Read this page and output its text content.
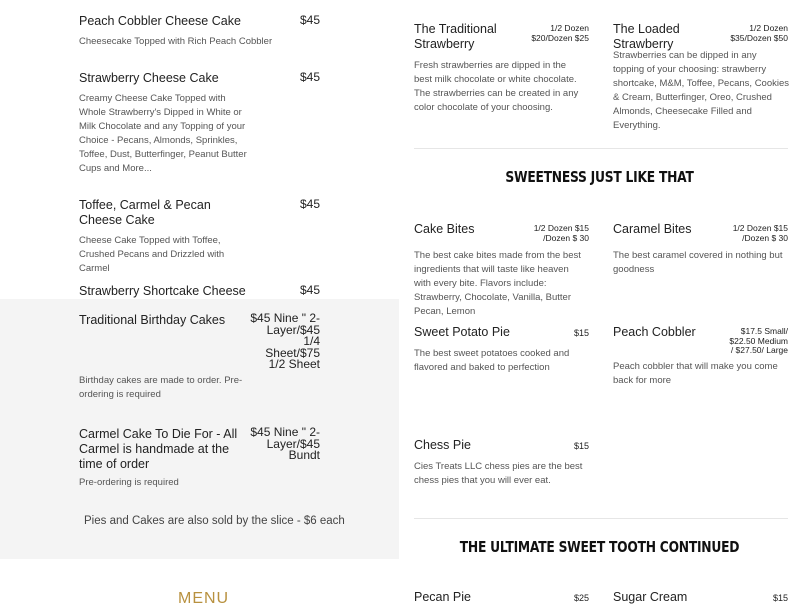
Peach Cobbler Cheese Cake
Cheesecake Topped with Rich Peach Cobbler
$45
Strawberry Cheese Cake
Creamy Cheese Cake Topped with Whole Strawberry's Dipped in White or Milk Chocolate and any Topping of your Choice - Pecans, Almonds, Sprinkles, Toffee, Dust, Butterfinger, Peanut Butter Cups and More...
$45
Toffee, Carmel & Pecan Cheese Cake
Cheese Cake Topped with Toffee, Crushed Pecans and Drizzled with Carmel
$45
Strawberry Shortcake Cheese	$45
Traditional Birthday Cakes	$45 Nine " 2-Layer/$45 1/4 Sheet/$75 1/2 Sheet
Birthday cakes are made to order. Pre-ordering is required
Carmel Cake To Die For - All Carmel is handmade at the time of order
Pre-ordering is required
$45 Nine " 2-Layer/$45 Bundt
Pies and Cakes are also sold by the slice - $6 each
MENU
The Traditional Strawberry
1/2 Dozen $20/Dozen $25
Fresh strawberries are dipped in the best milk chocolate or white chocolate. The strawberries can be created in any color chocolate of your choosing.
The Loaded Strawberry
1/2 Dozen $35/Dozen $50
Strawberries can be dipped in any topping of your choosing: strawberry shortcake, M&M, Toffee, Pecans, Cookies & Cream, Butterfinger, Oreo, Crushed Almonds, Cheesecake Filled and Everything.
SWEETNESS JUST LIKE THAT
Cake Bites	1/2 Dozen $15 /Dozen $ 30
The best cake bites made from the best ingredients that will taste like heaven with every bite. Flavors include: Strawberry, Chocolate, Vanilla, Butter Pecan, Lemon
Caramel Bites	1/2 Dozen $15 /Dozen $ 30
The best caramel covered in nothing but goodness
Sweet Potato Pie	$15
The best sweet potatoes cooked and flavored and baked to perfection
Peach Cobbler	$17.5 Small/ $22.50 Medium / $27.50/ Large
Peach cobbler that will make you come back for more
Chess Pie	$15
Cies Treats LLC chess pies are the best chess pies that you will ever eat.
THE ULTIMATE SWEET TOOTH CONTINUED
Pecan Pie	$25 Sugar Cream	$15
